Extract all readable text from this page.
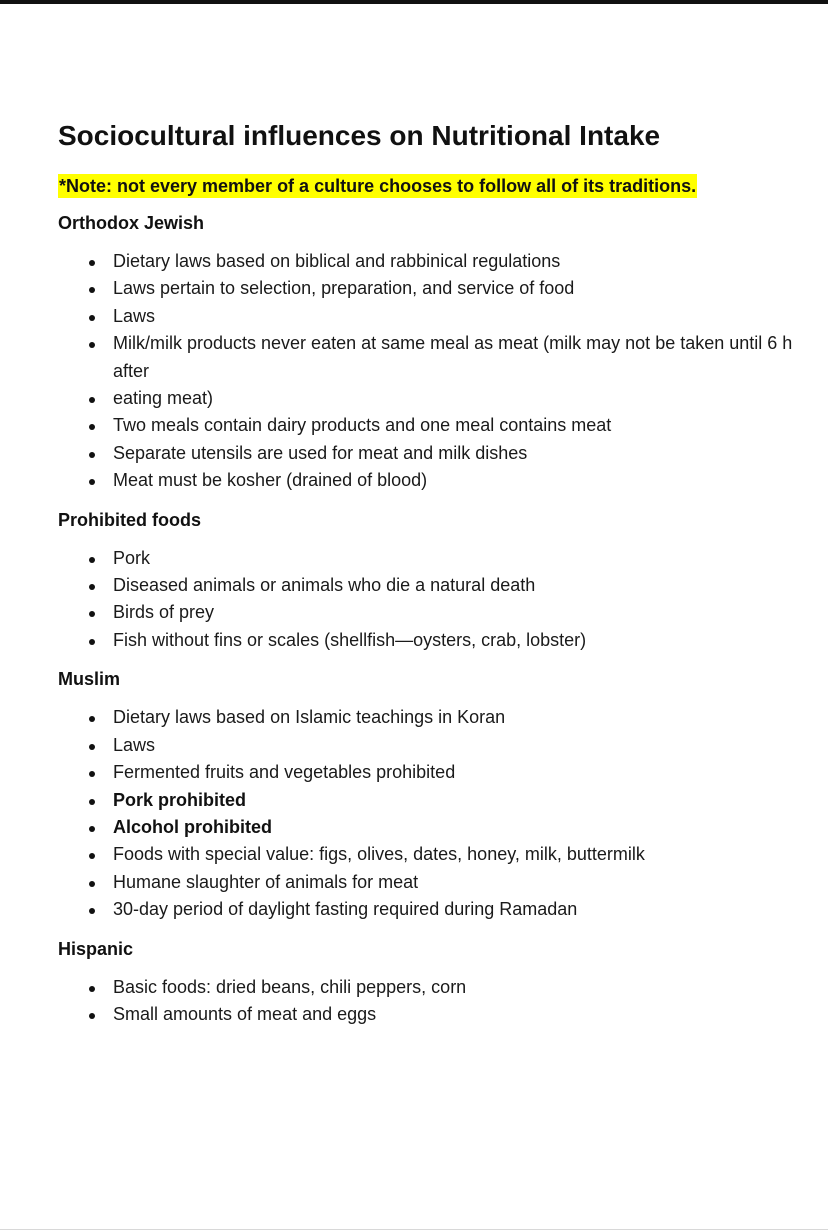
Sociocultural influences on Nutritional Intake
*Note: not every member of a culture chooses to follow all of its traditions.
Orthodox Jewish
Dietary laws based on biblical and rabbinical regulations
Laws pertain to selection, preparation, and service of food
Laws
Milk/milk products never eaten at same meal as meat (milk may not be taken until 6 h after
eating meat)
Two meals contain dairy products and one meal contains meat
Separate utensils are used for meat and milk dishes
Meat must be kosher (drained of blood)
Prohibited foods
Pork
Diseased animals or animals who die a natural death
Birds of prey
Fish without fins or scales (shellfish—oysters, crab, lobster)
Muslim
Dietary laws based on Islamic teachings in Koran
Laws
Fermented fruits and vegetables prohibited
Pork prohibited
Alcohol prohibited
Foods with special value: figs, olives, dates, honey, milk, buttermilk
Humane slaughter of animals for meat
30-day period of daylight fasting required during Ramadan
Hispanic
Basic foods: dried beans, chili peppers, corn
Small amounts of meat and eggs
